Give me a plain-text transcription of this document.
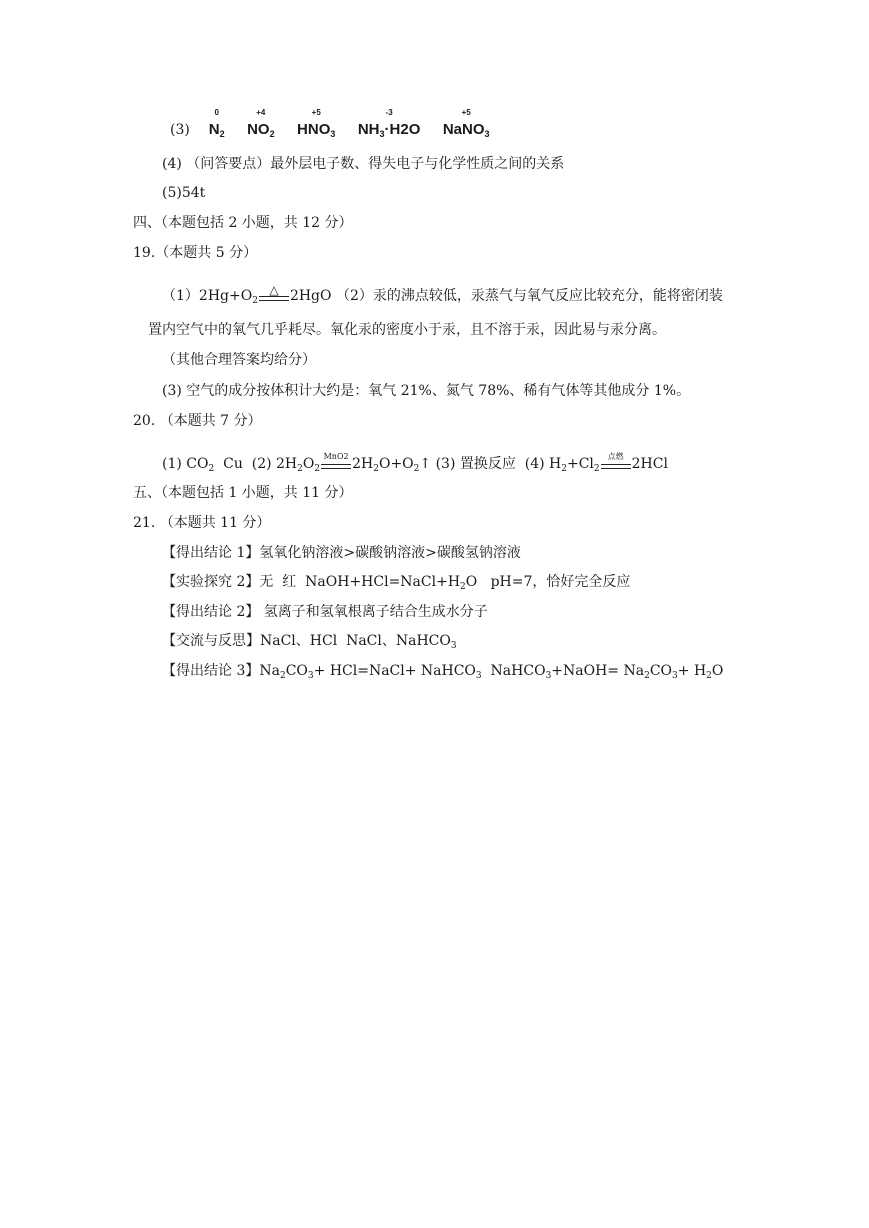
(3)
0
$N_2$
+4
$NO_2$
+5
$HNO_3$
-3
$NH_3\cdot H2O$
+5
NaNO$_3$
(4) （问答要点）最外层电子数、得失电子与化学性质之间的关系
(5)54t
四、（本题包括 2 小题，共 12 分）
19.（本题共 5 分）
$(1)2Hg+O_2$
△ 2HgO （2）汞的沸点较低，汞蒸气与氧气反应比较充分，能将密闭装
置内空气中的氧气几乎耗尽。氧化汞的密度小于汞，且不溶于汞，因此易与汞分离。
（其他合理答案均给分）
(3) 空气的成分按体积计大约是：氧气 21%、氮气 78%、稀有气体等其他成分 1%。
20. （本题共 7 分）
(1) $CO_2$  Cu  (2) $2H_2O_2$
MnO2 $2H_2O+O_2↑$ (3) 置换反应  (4) $H_2+Cl_2$
点燃 2HCl
五、（本题包括 1 小题，共 11 分）
21. （本题共 11 分）
【得出结论 1】氢氧化钠溶液>碳酸钠溶液>碳酸氢钠溶液
【实验探究 2】无  红  $NaOH+HCl=NaCl+H_2O$   pH=7，恰好完全反应
【得出结论 2】 氢离子和氢氧根离子结合生成水分子
【交流与反思】NaCl、HCl  NaCl、NaHCO$_3$
【得出结论 3】$Na_2CO_3+$ HCl=NaCl+ NaHCO$_3$  NaHCO$_3$+NaOH= $Na_2CO_3+ H_2O$
